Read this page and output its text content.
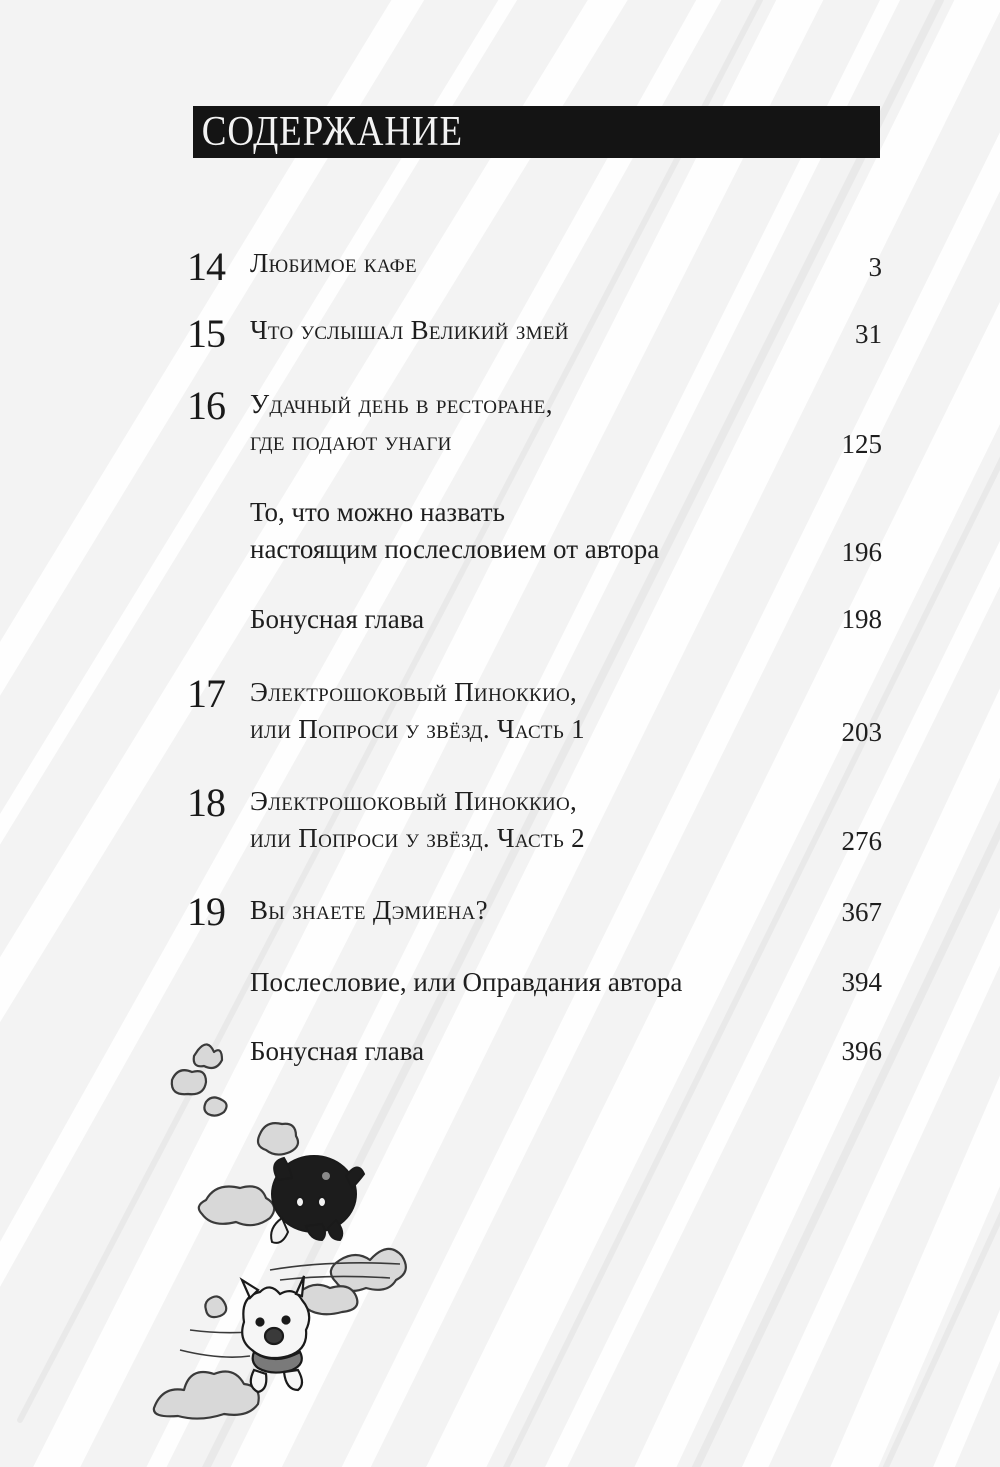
СОДЕРЖАНИЕ
14 Любимое кафе	3
15 Что услышал Великий змей	31
16 Удачный день в ресторане,
где подают унаги	125
То, что можно назвать
настоящим послесловием от автора	196
Бонусная глава	198
17 Электрошоковый Пиноккио,
или Попроси у звёзд. Часть 1	203
18 Электрошоковый Пиноккио,
или Попроси у звёзд. Часть 2	276
19 Вы знаете Дэмиена?	367
Послесловие, или Оправдания автора	394
Бонусная глава	396
